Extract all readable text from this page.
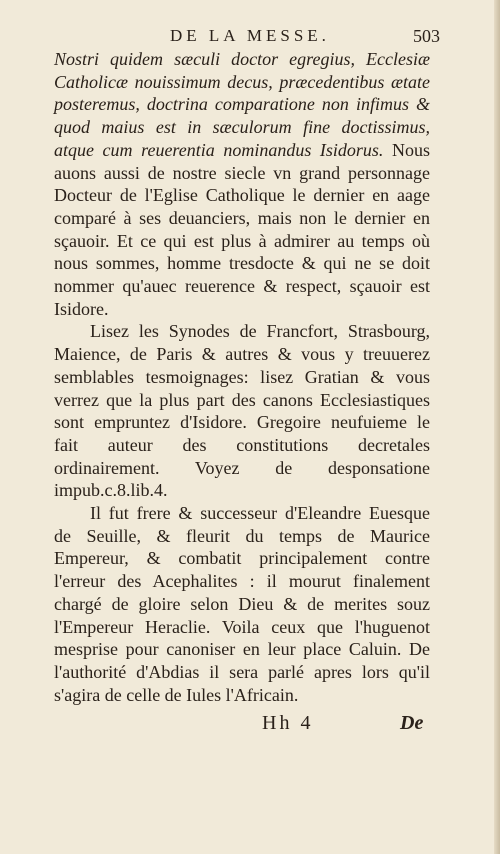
DE LA MESSE.	503

Nostri quidem sæculi doctor egregius, Ecclesiæ Catholicæ nouissimum decus, præcedentibus ætate posteremus, doctrina comparatione non infimus & quod maius est in sæculorum fine doctissimus, atque cum reuerentia nominandus Isidorus. Nous auons aussi de nostre siecle vn grand personnage Docteur de l'Eglise Catholique le dernier en aage comparé à ses deuanciers, mais non le dernier en sçauoir. Et ce qui est plus à admirer au temps où nous sommes, homme tresdocte & qui ne se doit nommer qu'auec reuerence & respect, sçauoir est Isidore.

Lisez les Synodes de Francfort, Strasbourg, Maience, de Paris & autres & vous y treuuerez semblables tesmoignages: lisez Gratian & vous verrez que la plus part des canons Ecclesiastiques sont empruntez d'Isidore. Gregoire neufuieme le fait auteur des constitutions decretales ordinairement. Voyez de desponsatione impub.c.8.lib.4.

Il fut frere & successeur d'Eleandre Euesque de Seuille, & fleurit du temps de Maurice Empereur, & combatit principalement contre l'erreur des Acephalites : il mourut finalement chargé de gloire selon Dieu & de merites souz l'Empereur Heraclie. Voila ceux que l'huguenot mesprise pour canoniser en leur place Caluin. De l'authorité d'Abdias il sera parlé apres lors qu'il s'agira de celle de Iules l'Africain.

Hh 4	De
